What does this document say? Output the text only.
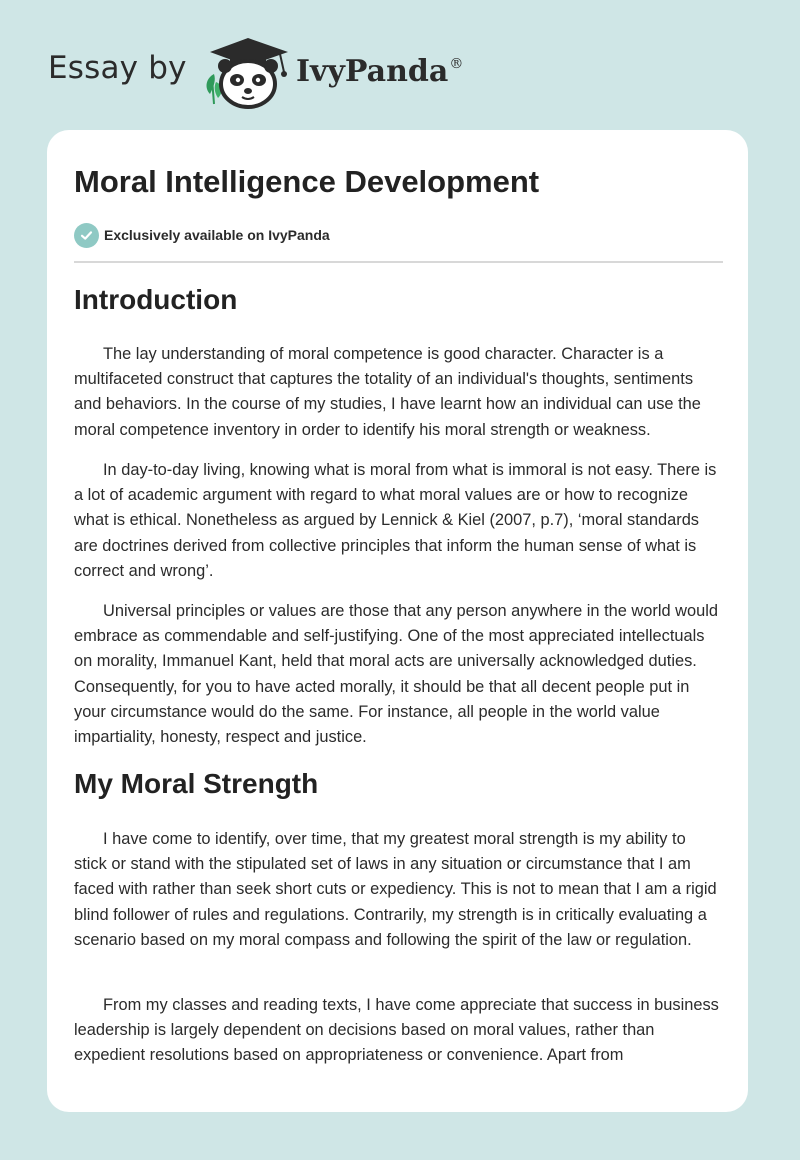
Essay by	IvyPanda®
Moral Intelligence Development
Exclusively available on IvyPanda
Introduction

The lay understanding of moral competence is good character. Character is a multifaceted construct that captures the totality of an individual's thoughts, sentiments and behaviors. In the course of my studies, I have learnt how an individual can use the moral competence inventory in order to identify his moral strength or weakness.

In day-to-day living, knowing what is moral from what is immoral is not easy. There is a lot of academic argument with regard to what moral values are or how to recognize what is ethical. Nonetheless as argued by Lennick & Kiel (2007, p.7), ‘moral standards are doctrines derived from collective principles that inform the human sense of what is correct and wrong’.

Universal principles or values are those that any person anywhere in the world would embrace as commendable and self-justifying. One of the most appreciated intellectuals on morality, Immanuel Kant, held that moral acts are universally acknowledged duties. Consequently, for you to have acted morally, it should be that all decent people put in your circumstance would do the same. For instance, all people in the world value impartiality, honesty, respect and justice.

My Moral Strength

I have come to identify, over time, that my greatest moral strength is my ability to stick or stand with the stipulated set of laws in any situation or circumstance that I am faced with rather than seek short cuts or expediency. This is not to mean that I am a rigid blind follower of rules and regulations. Contrarily, my strength is in critically evaluating a scenario based on my moral compass and following the spirit of the law or regulation.

From my classes and reading texts, I have come appreciate that success in business leadership is largely dependent on decisions based on moral values, rather than expedient resolutions based on appropriateness or convenience. Apart from
